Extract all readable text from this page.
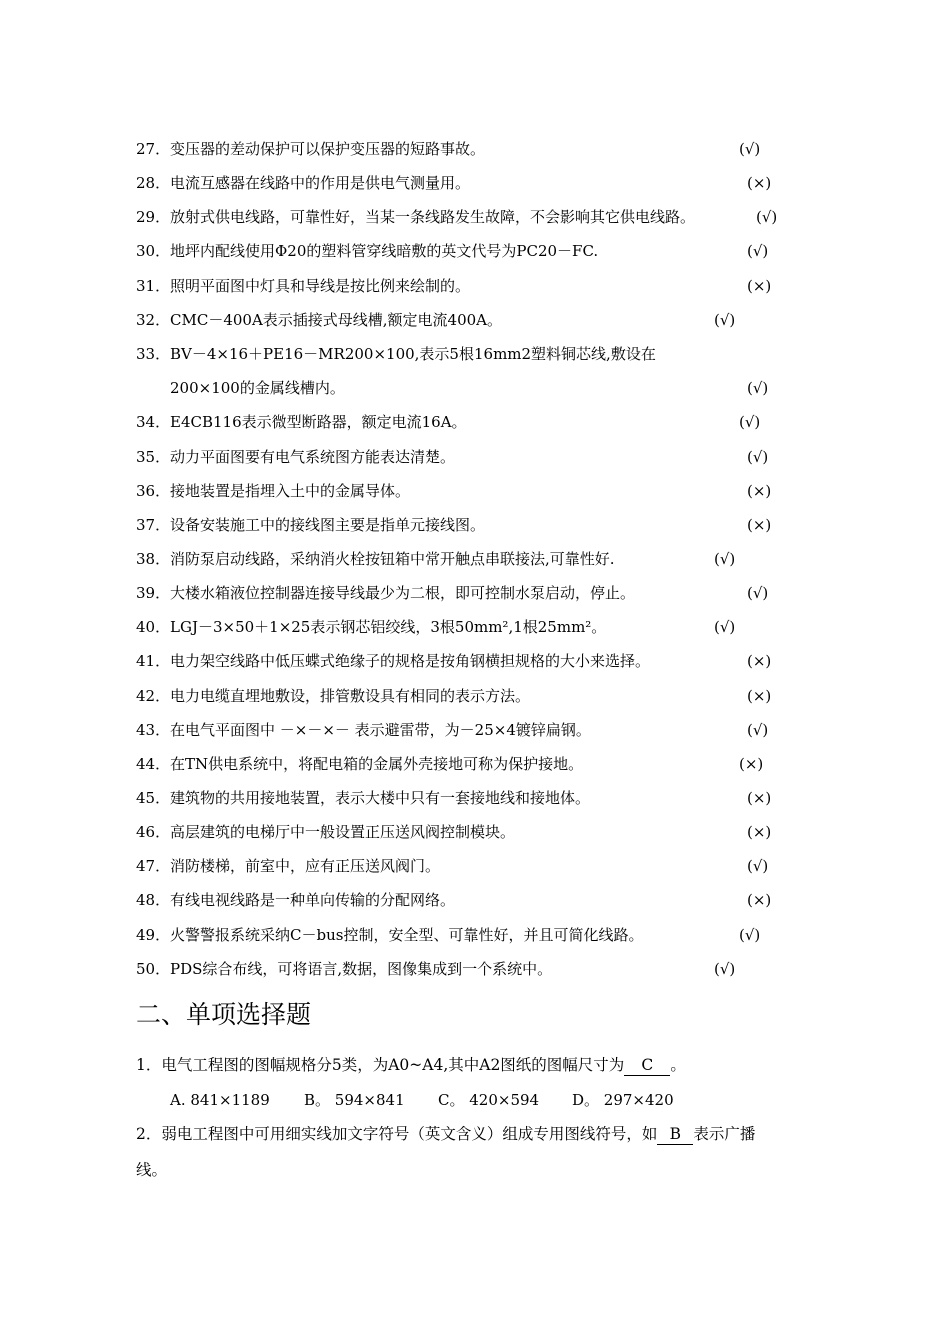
27．变压器的差动保护可以保护变压器的短路事故。	(√)
28．电流互感器在线路中的作用是供电气测量用。	(×)
29．放射式供电线路，可靠性好，当某一条线路发生故障，不会影响其它供电线路。	(√)
30．地坪内配线使用Φ20的塑料管穿线暗敷的英文代号为PC20－FC.	(√)
31．照明平面图中灯具和导线是按比例来绘制的。	(×)
32．CMC－400A表示插接式母线槽,额定电流400A。	(√)
33．BV－4×16＋PE16－MR200×100,表示5根16mm2塑料铜芯线,敷设在
200×100的金属线槽内。	(√)
34．E4CB116表示微型断路器，额定电流16A。	(√)
35．动力平面图要有电气系统图方能表达清楚。	(√)
36．接地装置是指埋入土中的金属导体。	(×)
37．设备安装施工中的接线图主要是指单元接线图。	(×)
38．消防泵启动线路，采纳消火栓按钮箱中常开触点串联接法,可靠性好.	(√)
39．大楼水箱液位控制器连接导线最少为二根，即可控制水泵启动，停止。	(√)
40．LGJ－3×50＋1×25表示钢芯铝绞线，3根50mm²,1根25mm²。	(√)
41．电力架空线路中低压蝶式绝缘子的规格是按角钢横担规格的大小来选择。	(×)
42．电力电缆直埋地敷设，排管敷设具有相同的表示方法。	(×)
43．在电气平面图中 －×－×－ 表示避雷带，为－25×4镀锌扁钢。	(√)
44．在TN供电系统中，将配电箱的金属外壳接地可称为保护接地。	(×)
45．建筑物的共用接地装置，表示大楼中只有一套接地线和接地体。	(×)
46．高层建筑的电梯厅中一般设置正压送风阀控制模块。	(×)
47．消防楼梯，前室中，应有正压送风阀门。	(√)
48．有线电视线路是一种单向传输的分配网络。	(×)
49．火警警报系统采纳C－bus控制，安全型、可靠性好，并且可简化线路。	(√)
50．PDS综合布线，可将语言,数据，图像集成到一个系统中。	(√)
二、单项选择题
1．电气工程图的图幅规格分5类，为A0~A4,其中A2图纸的图幅尺寸为 C 。
A. 841×1189 B。 594×841 C。 420×594 D。 297×420
2．弱电工程图中可用细实线加文字符号（英文含义）组成专用图线符号，如 B 表示广播
线。
